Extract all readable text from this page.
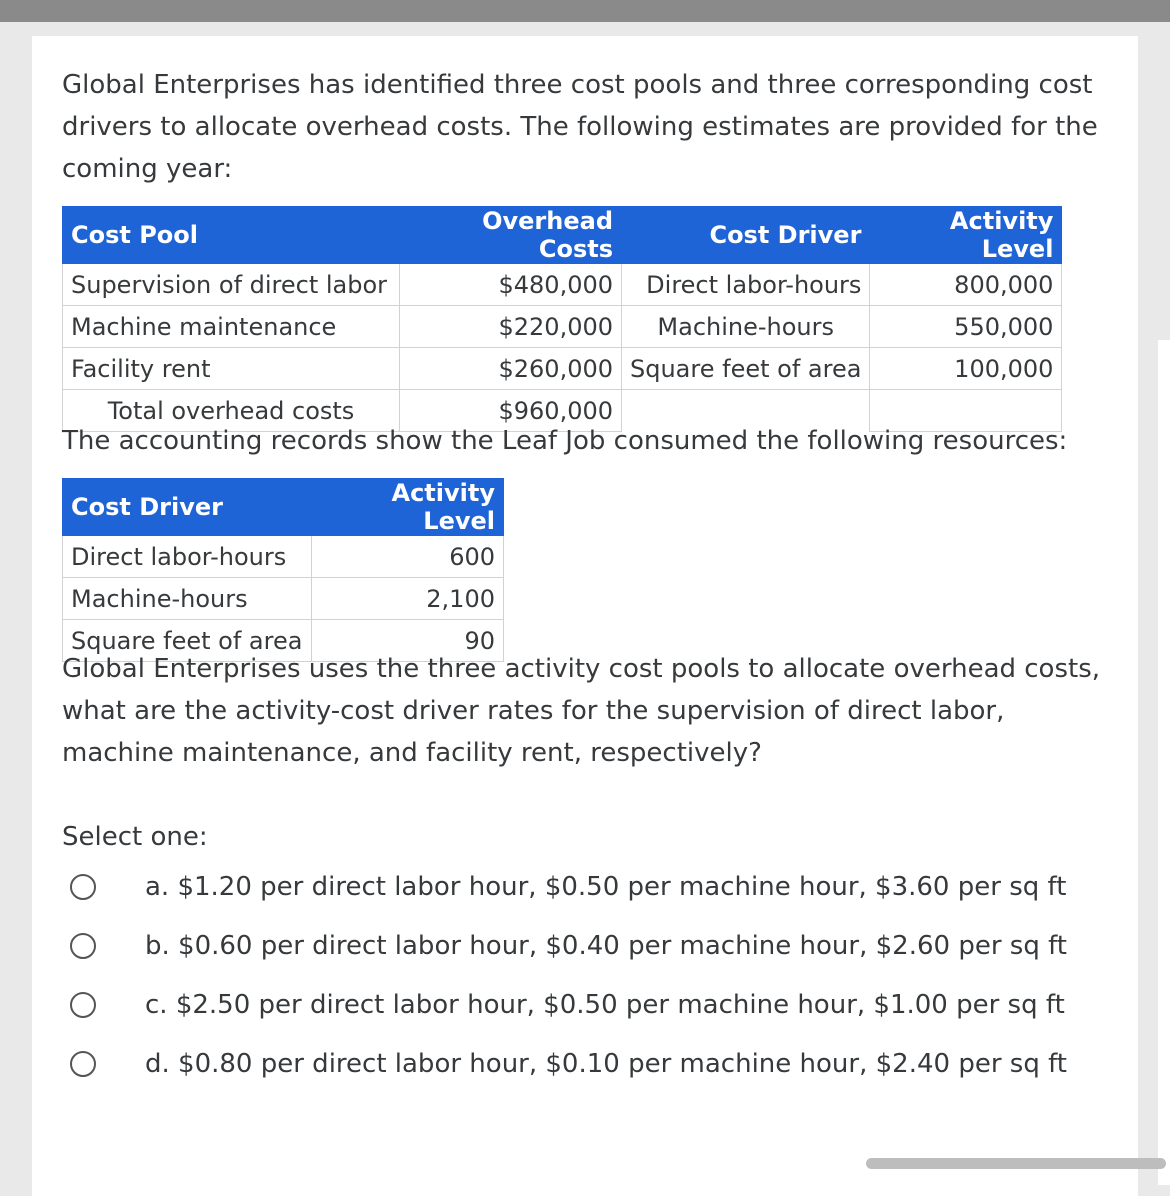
Global Enterprises has identified three cost pools and three corresponding cost drivers to allocate overhead costs. The following estimates are provided for the coming year:

Cost Pool	Overhead Costs	Cost Driver	Activity Level
Supervision of direct labor	$480,000	Direct labor-hours	800,000
Machine maintenance	$220,000	Machine-hours	550,000
Facility rent	$260,000	Square feet of area	100,000
Total overhead costs	$960,000		

The accounting records show the Leaf Job consumed the following resources:

Cost Driver	Activity Level
Direct labor-hours	600
Machine-hours	2,100
Square feet of area	90

Global Enterprises uses the three activity cost pools to allocate overhead costs, what are the activity-cost driver rates for the supervision of direct labor, machine maintenance, and facility rent, respectively?

Select one:

a. $1.20 per direct labor hour, $0.50 per machine hour, $3.60 per sq ft
b. $0.60 per direct labor hour, $0.40 per machine hour, $2.60 per sq ft
c. $2.50 per direct labor hour, $0.50 per machine hour, $1.00 per sq ft
d. $0.80 per direct labor hour, $0.10 per machine hour, $2.40 per sq ft
